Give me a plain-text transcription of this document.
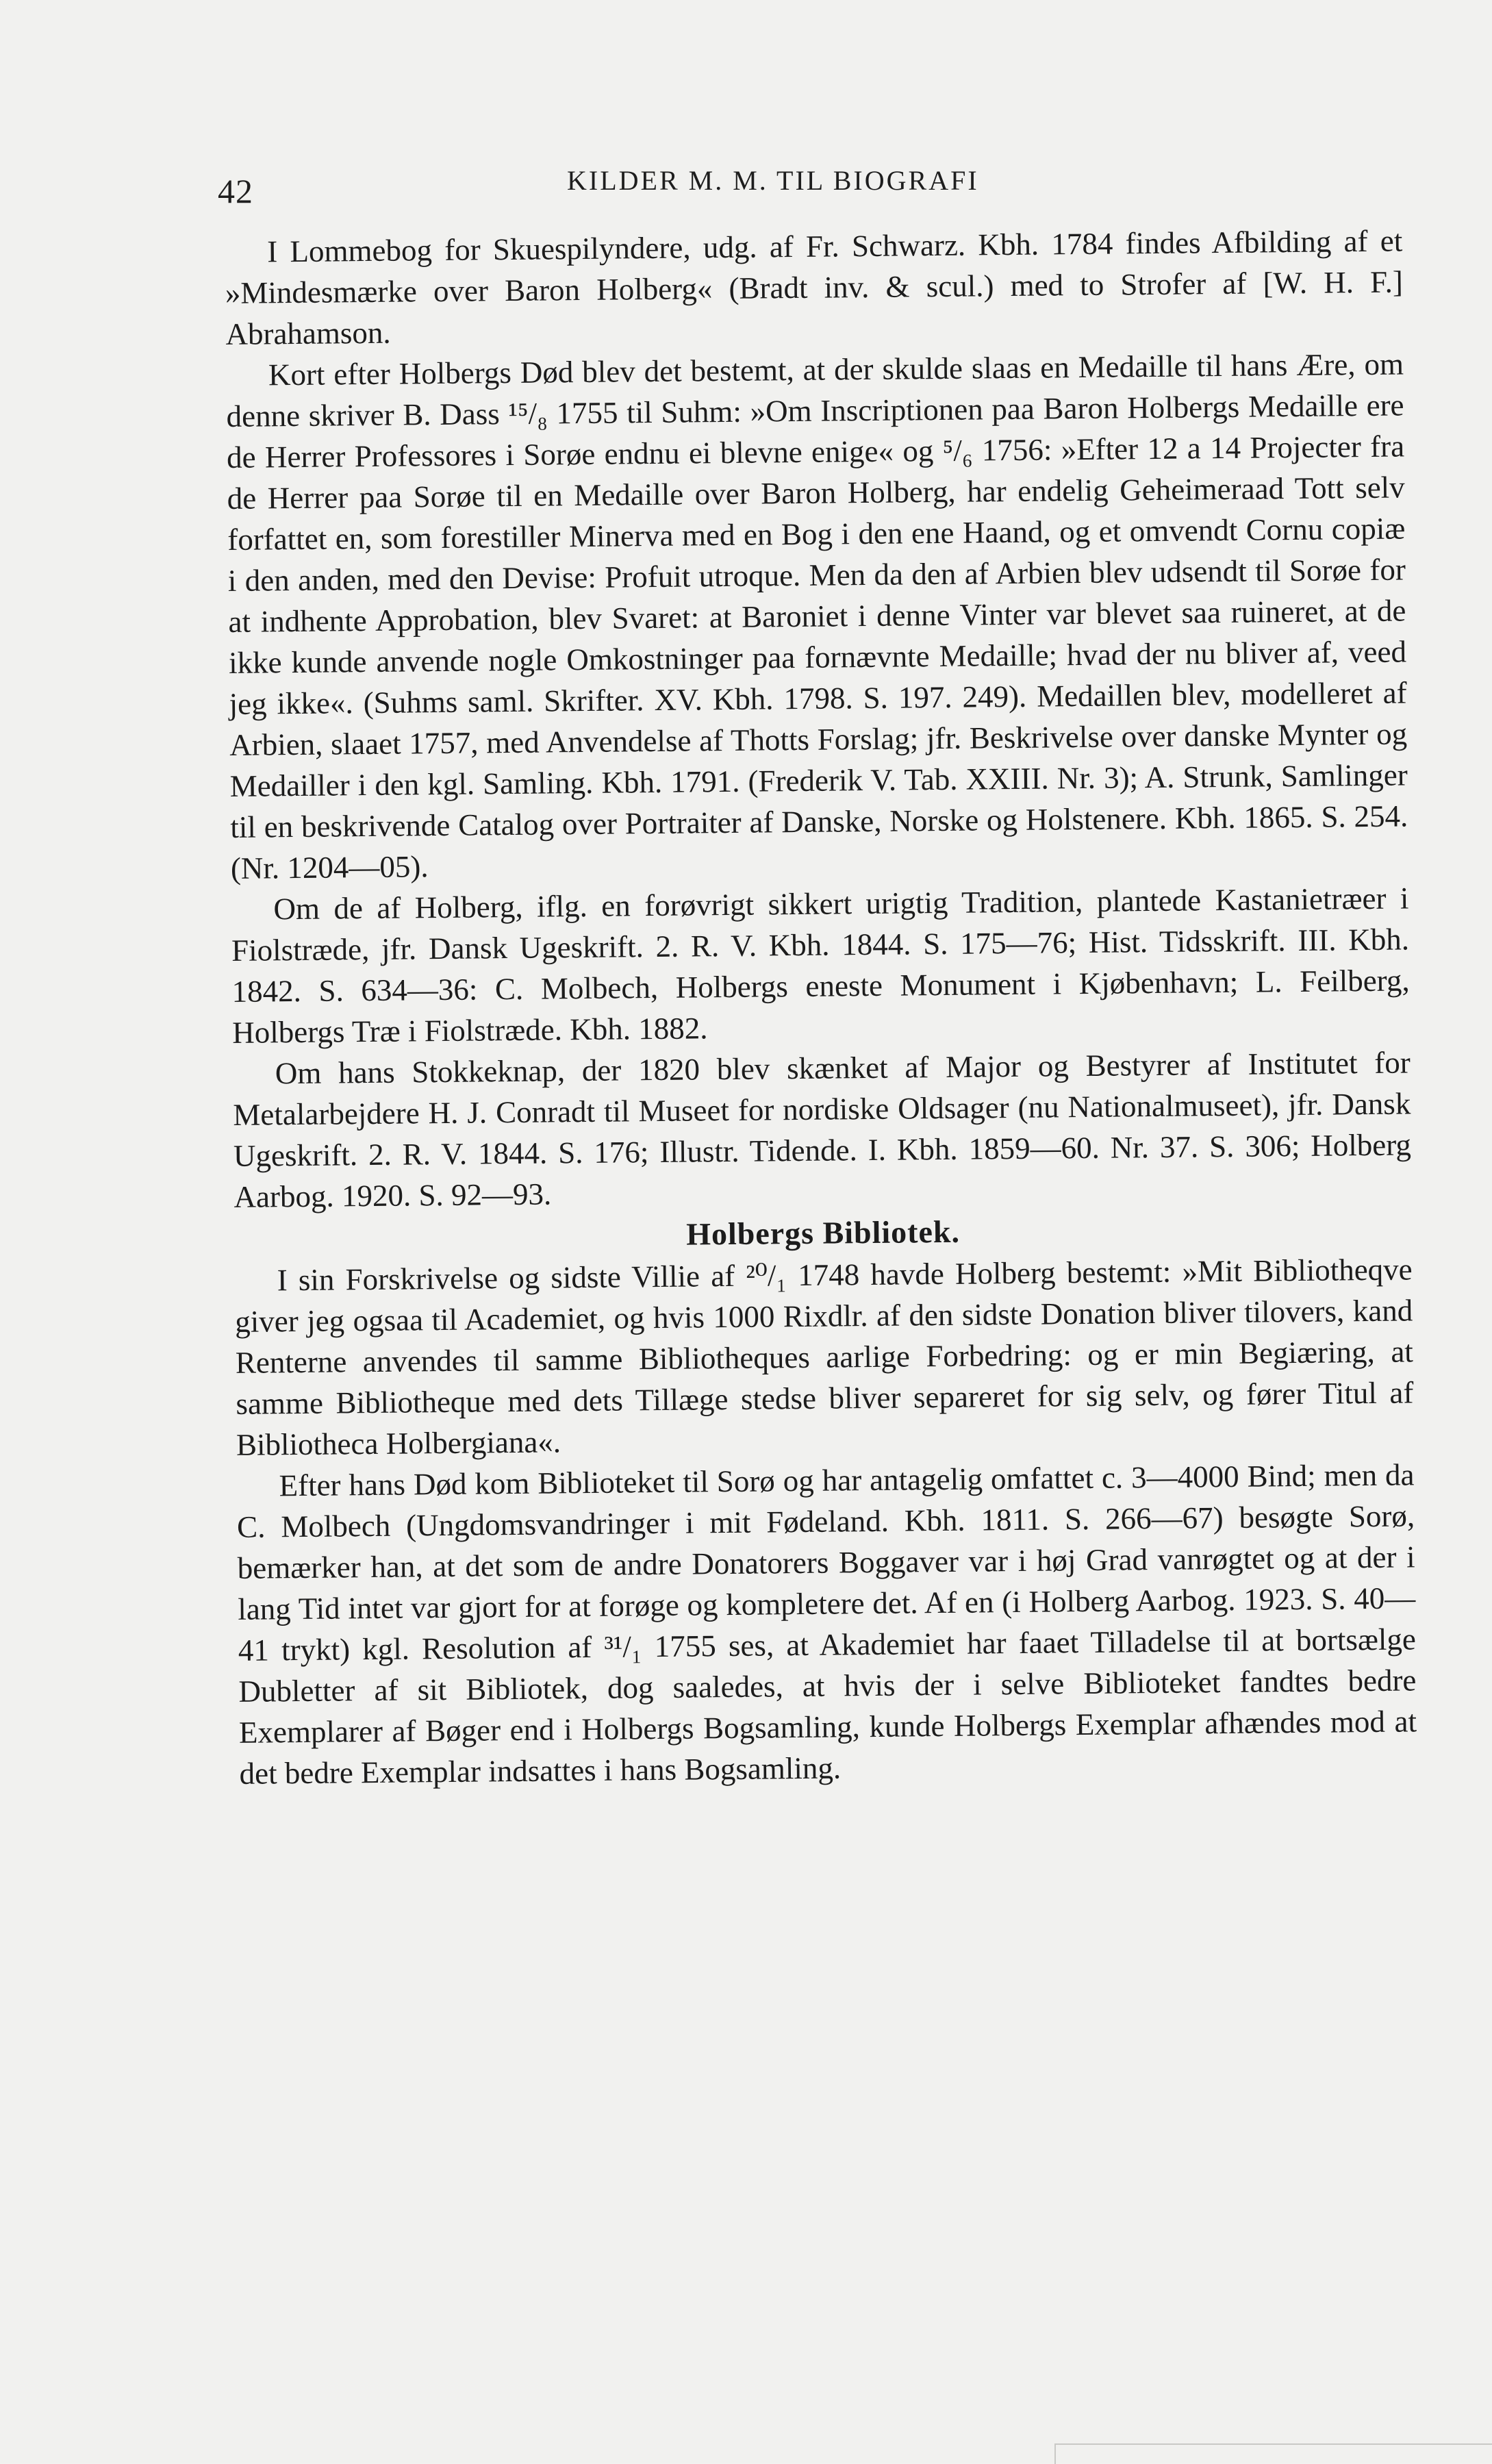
42	KILDER M. M. TIL BIOGRAFI

I Lommebog for Skuespilyndere, udg. af Fr. Schwarz. Kbh. 1784 findes Afbilding af et »Mindesmærke over Baron Holberg« (Bradt inv. & scul.) med to Strofer af [W. H. F.] Abrahamson.

Kort efter Holbergs Død blev det bestemt, at der skulde slaas en Medaille til hans Ære, om denne skriver B. Dass ¹⁵/₈ 1755 til Suhm: »Om Inscriptionen paa Baron Holbergs Medaille ere de Herrer Professores i Sorøe endnu ei blevne enige« og ⁵/₆ 1756: »Efter 12 a 14 Projecter fra de Herrer paa Sorøe til en Medaille over Baron Holberg, har endelig Geheimeraad Tott selv forfattet en, som forestiller Minerva med en Bog i den ene Haand, og et omvendt Cornu copiæ i den anden, med den Devise: Profuit utroque. Men da den af Arbien blev udsendt til Sorøe for at indhente Approbation, blev Svaret: at Baroniet i denne Vinter var blevet saa ruineret, at de ikke kunde anvende nogle Omkostninger paa fornævnte Medaille; hvad der nu bliver af, veed jeg ikke«. (Suhms saml. Skrifter. XV. Kbh. 1798. S. 197. 249). Medaillen blev, modelleret af Arbien, slaaet 1757, med Anvendelse af Thotts Forslag; jfr. Beskrivelse over danske Mynter og Medailler i den kgl. Samling. Kbh. 1791. (Frederik V. Tab. XXIII. Nr. 3); A. Strunk, Samlinger til en beskrivende Catalog over Portraiter af Danske, Norske og Holstenere. Kbh. 1865. S. 254. (Nr. 1204—05).

Om de af Holberg, iflg. en forøvrigt sikkert urigtig Tradition, plantede Kastanietræer i Fiolstræde, jfr. Dansk Ugeskrift. 2. R. V. Kbh. 1844. S. 175—76; Hist. Tidsskrift. III. Kbh. 1842. S. 634—36: C. Molbech, Holbergs eneste Monument i Kjøbenhavn; L. Feilberg, Holbergs Træ i Fiolstræde. Kbh. 1882.

Om hans Stokkeknap, der 1820 blev skænket af Major og Bestyrer af Institutet for Metalarbejdere H. J. Conradt til Museet for nordiske Oldsager (nu Nationalmuseet), jfr. Dansk Ugeskrift. 2. R. V. 1844. S. 176; Illustr. Tidende. I. Kbh. 1859—60. Nr. 37. S. 306; Holberg Aarbog. 1920. S. 92—93.

Holbergs Bibliotek.

I sin Forskrivelse og sidste Villie af ²⁰/₁ 1748 havde Holberg bestemt: »Mit Bibliotheqve giver jeg ogsaa til Academiet, og hvis 1000 Rixdlr. af den sidste Donation bliver tilovers, kand Renterne anvendes til samme Bibliotheques aarlige Forbedring: og er min Begiæring, at samme Bibliotheque med dets Tillæge stedse bliver separeret for sig selv, og fører Titul af Bibliotheca Holbergiana«.

Efter hans Død kom Biblioteket til Sorø og har antagelig omfattet c. 3—4000 Bind; men da C. Molbech (Ungdomsvandringer i mit Fødeland. Kbh. 1811. S. 266—67) besøgte Sorø, bemærker han, at det som de andre Donatorers Boggaver var i høj Grad vanrøgtet og at der i lang Tid intet var gjort for at forøge og kompletere det. Af en (i Holberg Aarbog. 1923. S. 40—41 trykt) kgl. Resolution af ³¹/₁ 1755 ses, at Akademiet har faaet Tilladelse til at bortsælge Dubletter af sit Bibliotek, dog saaledes, at hvis der i selve Biblioteket fandtes bedre Exemplarer af Bøger end i Holbergs Bogsamling, kunde Holbergs Exemplar afhændes mod at det bedre Exemplar indsattes i hans Bogsamling.
